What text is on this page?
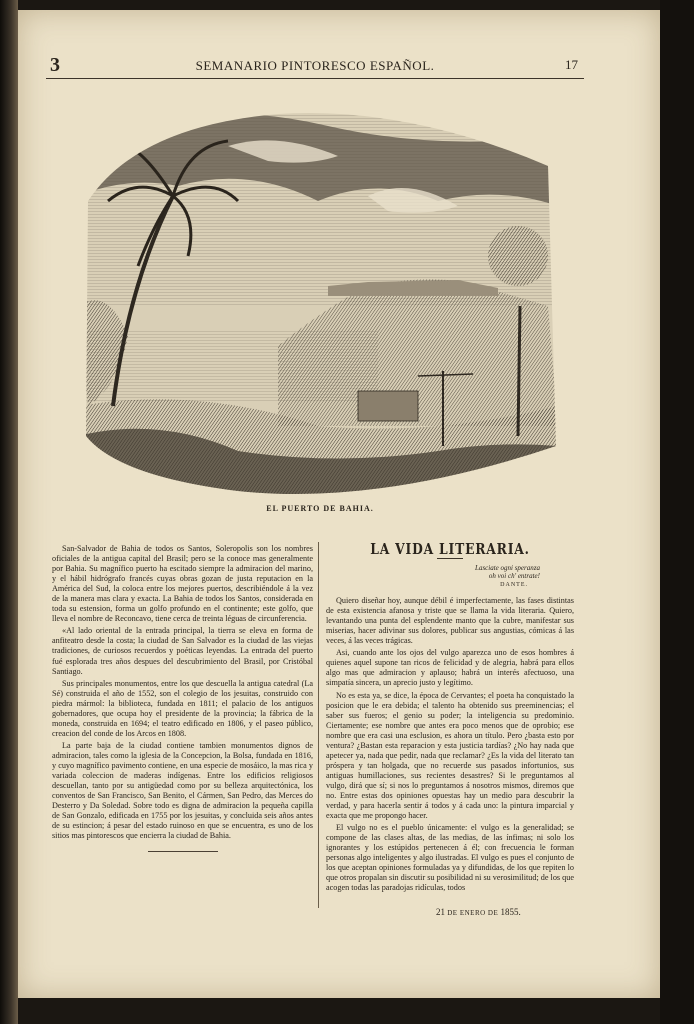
3	SEMANARIO PINTORESCO ESPAÑOL.	17
EL PUERTO DE BAHIA.

San-Salvador de Bahia de todos os Santos, Soleropolis son los nombres oficiales de la antigua capital del Brasil; pero se la conoce mas generalmente por Bahia. Su magnífico puerto ha escitado siempre la admiracion del marino, y el hábil hidrógrafo francés cuyas obras gozan de justa reputacion en la América del Sud, la coloca entre los mejores puertos, describiéndole á la vez de la manera mas clara y exacta. La Bahia de todos los Santos, considerada en toda su estension, forma un golfo profundo en el continente; este golfo, que lleva el nombre de Reconcavo, tiene cerca de treinta léguas de circunferencia.

«Al lado oriental de la entrada principal, la tierra se eleva en forma de anfiteatro desde la costa; la ciudad de San Salvador es la ciudad de las viejas tradiciones, de curiosos recuerdos y poéticas leyendas. La entrada del puerto fué esplorada tres años despues del descubrimiento del Brasil, por Cristóbal Santiago.

Sus principales monumentos, entre los que descuella la antigua catedral (La Sé) construida el año de 1552, son el colegio de los jesuitas, construido con piedra mármol: la biblioteca, fundada en 1811; el palacio de los antiguos gobernadores, que ocupa hoy el presidente de la provincia; la fábrica de la moneda, construida en 1694; el teatro edificado en 1806, y el paseo público, creacion del conde de los Arcos en 1808.

La parte baja de la ciudad contiene tambien monumentos dignos de admiracion, tales como la iglesia de la Concepcion, la Bolsa, fundada en 1816, y cuyo magnífico pavimento contiene, en una especie de mosáico, la mas rica y variada coleccion de maderas indígenas. Entre los edificios religiosos descuellan, tanto por su antigüedad como por su belleza arquitectónica, los conventos de San Francisco, San Benito, el Cármen, San Pedro, das Merces do Desterro y Da Soledad. Sobre todo es digna de admiracion la pequeña capilla de San Gonzalo, edificada en 1755 por los jesuitas, y concluida seis años antes de su estincion; á pesar del estado ruinoso en que se encuentra, es uno de los sitios mas pintorescos que encierra la ciudad de Bahia.

LA VIDA LITERARIA.
Lasciate ogni speranza
oh voi ch' entrate!
DANTE.

Quiero diseñar hoy, aunque débil é imperfectamente, las fases distintas de esta existencia afanosa y triste que se llama la vida literaria. Quiero, levantando una punta del esplendente manto que la cubre, manifestar sus miserias, hacer adivinar sus dolores, publicar sus angustias, cómicas á las veces, á las veces trágicas.

Asi, cuando ante los ojos del vulgo aparezca uno de esos hombres á quienes aquel supone tan ricos de felicidad y de alegria, habrá para ellos algo mas que admiracion y aplauso; habrá un interés afectuoso, una simpatía sincera, un aprecio justo y legítimo.

No es esta ya, se dice, la época de Cervantes; el poeta ha conquistado la posicion que le era debida; el talento ha obtenido sus preeminencias; el saber sus fueros; el genio su poder; la inteligencia su predominio. Ciertamente; ese nombre que antes era poco menos que de oprobio; ese nombre que era casi una esclusion, es ahora un título. Pero ¿basta esto por ventura? ¿Bastan esta reparacion y esta justicia tardías? ¿No hay nada que apetecer ya, nada que pedir, nada que reclamar? ¿Es la vida del literato tan próspera y tan holgada, que no recuerde sus pasados infortunios, sus antiguas humillaciones, sus recientes desastres? Si le preguntamos al vulgo, dirá que sí; si nos lo preguntamos á nosotros mismos, diremos que no. Entre estas dos opiniones opuestas hay un medio para descubrir la verdad, y para hacerla sentir á todos y á cada uno: la pintura imparcial y exacta que me propongo hacer.

El vulgo no es el pueblo únicamente: el vulgo es la generalidad; se compone de las clases altas, de las medias, de las ínfimas; ni solo los ignorantes y los estúpidos pertenecen á él; con frecuencia le forman personas algo inteligentes y algo ilustradas. El vulgo es pues el conjunto de los que aceptan opiniones formuladas ya y difundidas, de los que repiten lo que otros propalan sin discutir su posibilidad ni su verosimilitud; de los que acogen todas las paradojas ridículas, todos

21 DE ENERO DE 1855.
